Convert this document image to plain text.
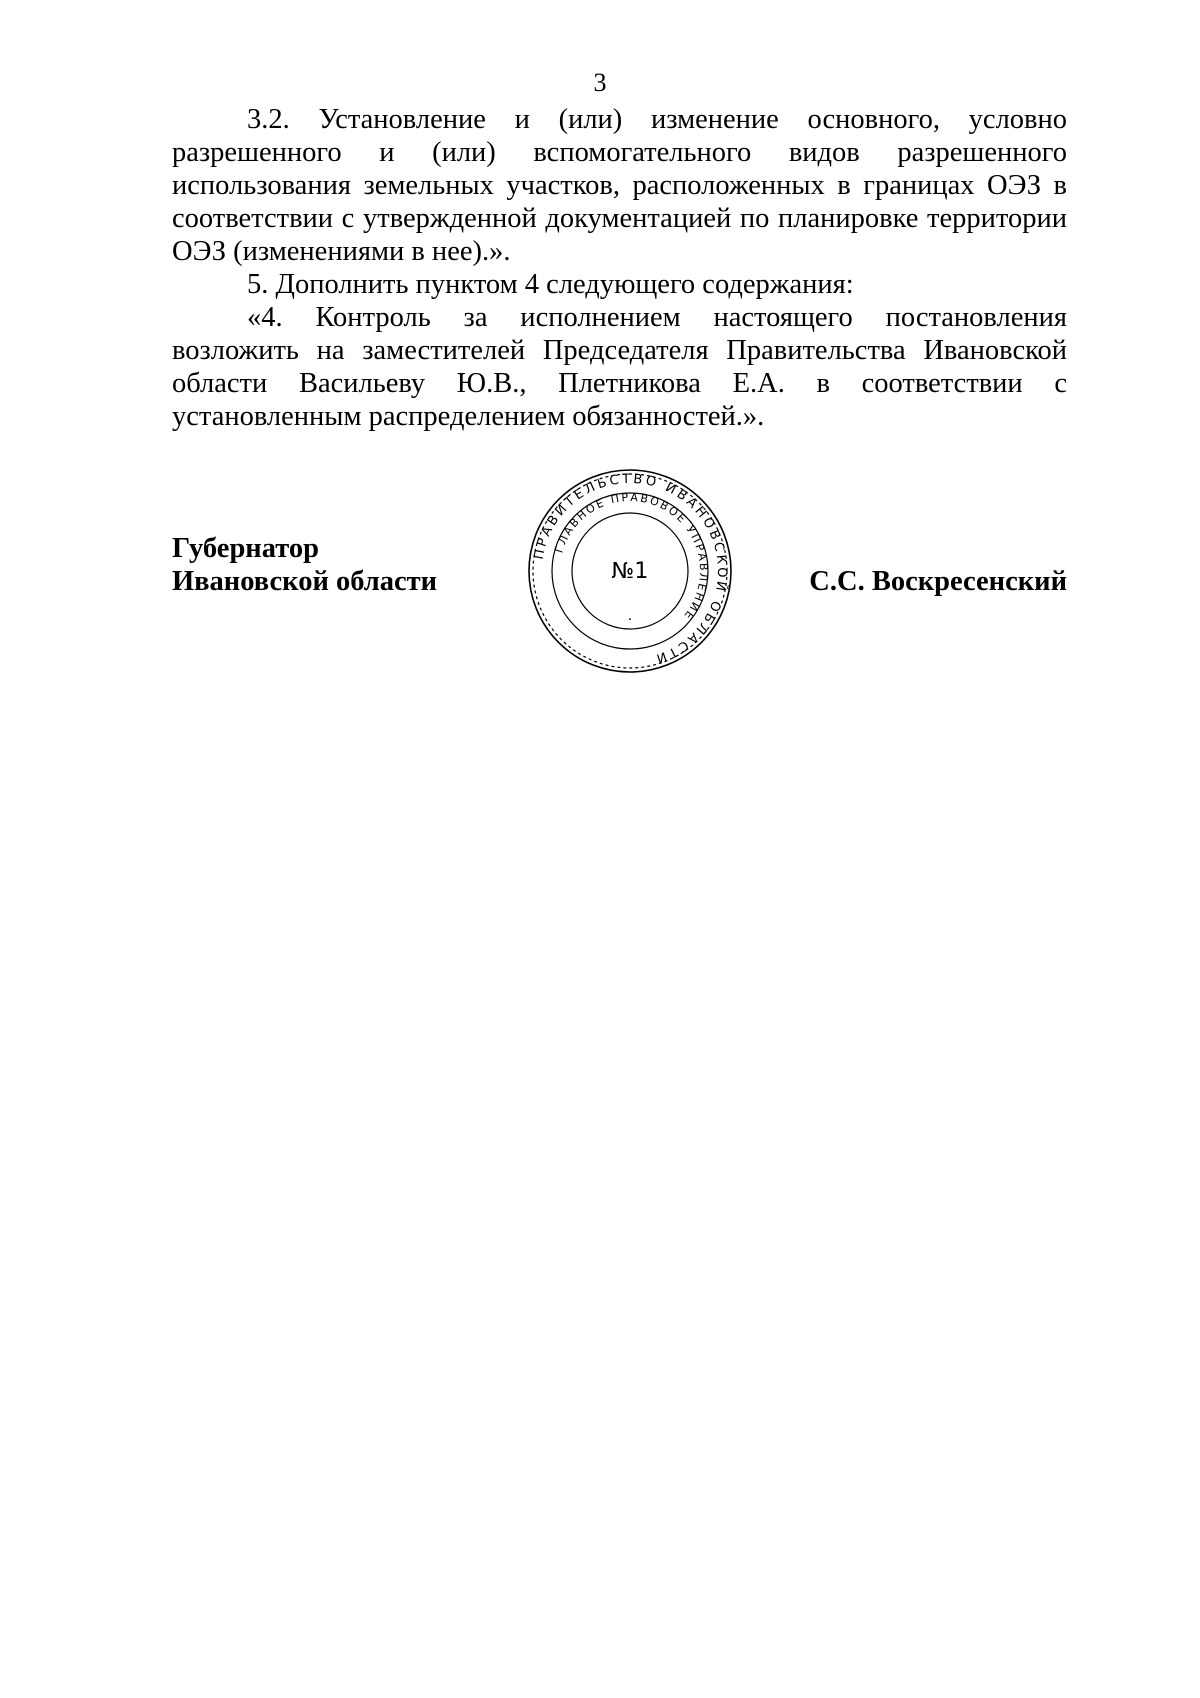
3

3.2. Установление и (или) изменение основного, условно разрешенного и (или) вспомогательного видов разрешенного использования земельных участков, расположенных в границах ОЭЗ в соответствии с утвержденной документацией по планировке территории ОЭЗ (изменениями в нее).».

5. Дополнить пунктом 4 следующего содержания:

«4. Контроль за исполнением настоящего постановления возложить на заместителей Председателя Правительства Ивановской области Васильеву Ю.В., Плетникова Е.А. в соответствии с установленным распределением обязанностей.».

Губернатор
Ивановской области	С.С. Воскресенский
ПРАВИТЕЛЬСТВО ИВАНОВСКОЙ ОБЛАСТИ
ГЛАВНОЕ ПРАВОВОЕ УПРАВЛЕНИЕ
№1
·
